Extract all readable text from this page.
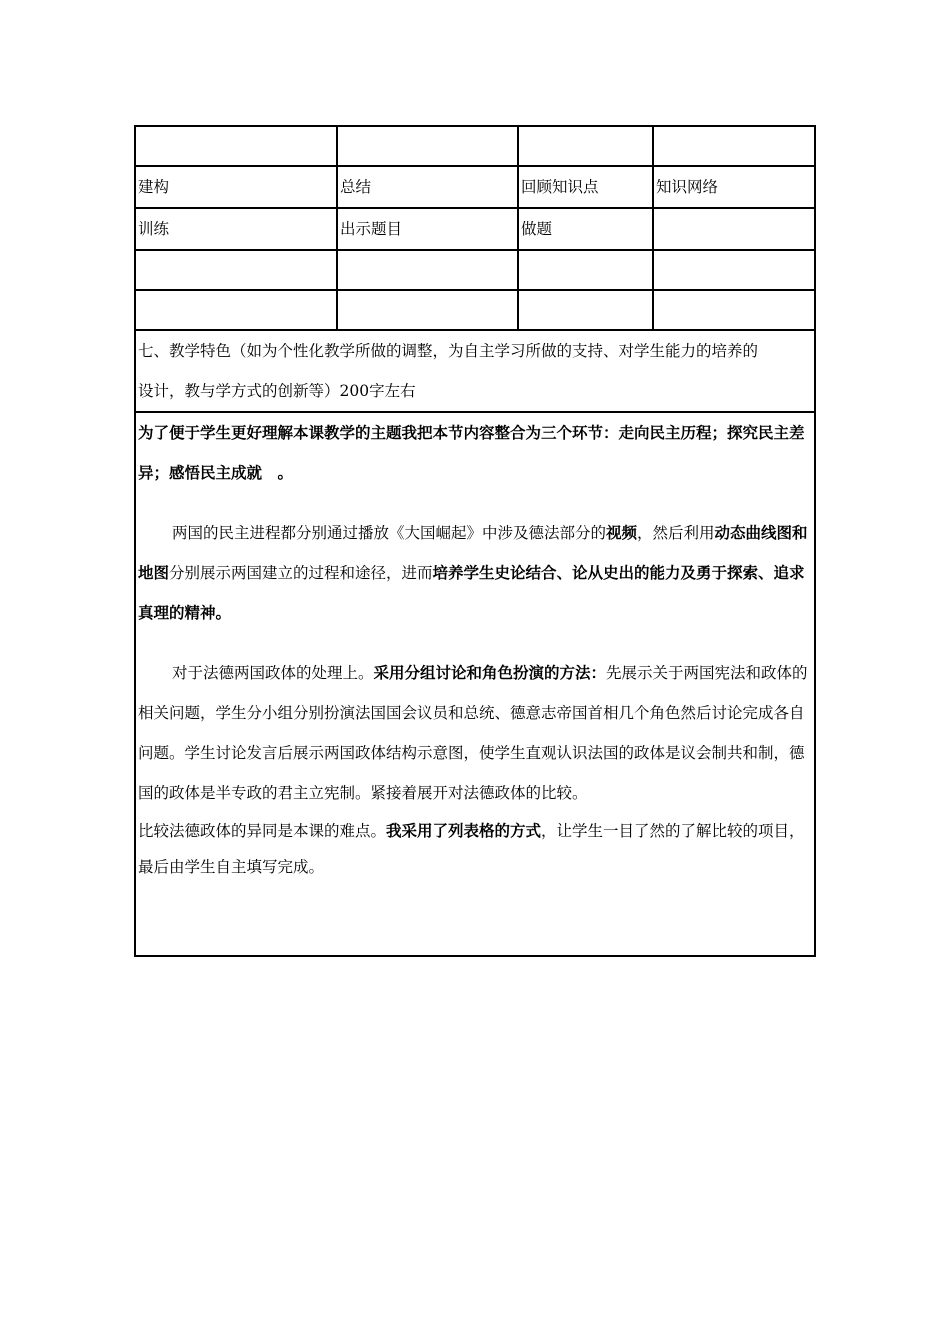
建构	总结	回顾知识点	知识网络
训练	出示题目	做题	

七、教学特色（如为个性化教学所做的调整，为自主学习所做的支持、对学生能力的培养的
设计，教与学方式的创新等）200字左右			

为了便于学生更好理解本课教学的主题我把本节内容整合为三个环节：走向民主历程；探究民主差异；感悟民主成就　。

两国的民主进程都分别通过播放《大国崛起》中涉及德法部分的视频，然后利用动态曲线图和地图分别展示两国建立的过程和途径，进而培养学生史论结合、论从史出的能力及勇于探索、追求真理的精神。

对于法德两国政体的处理上。采用分组讨论和角色扮演的方法：先展示关于两国宪法和政体的相关问题，学生分小组分别扮演法国国会议员和总统、德意志帝国首相几个角色然后讨论完成各自问题。学生讨论发言后展示两国政体结构示意图，使学生直观认识法国的政体是议会制共和制，德国的政体是半专政的君主立宪制。紧接着展开对法德政体的比较。

比较法德政体的异同是本课的难点。我采用了列表格的方式，让学生一目了然的了解比较的项目，最后由学生自主填写完成。			
